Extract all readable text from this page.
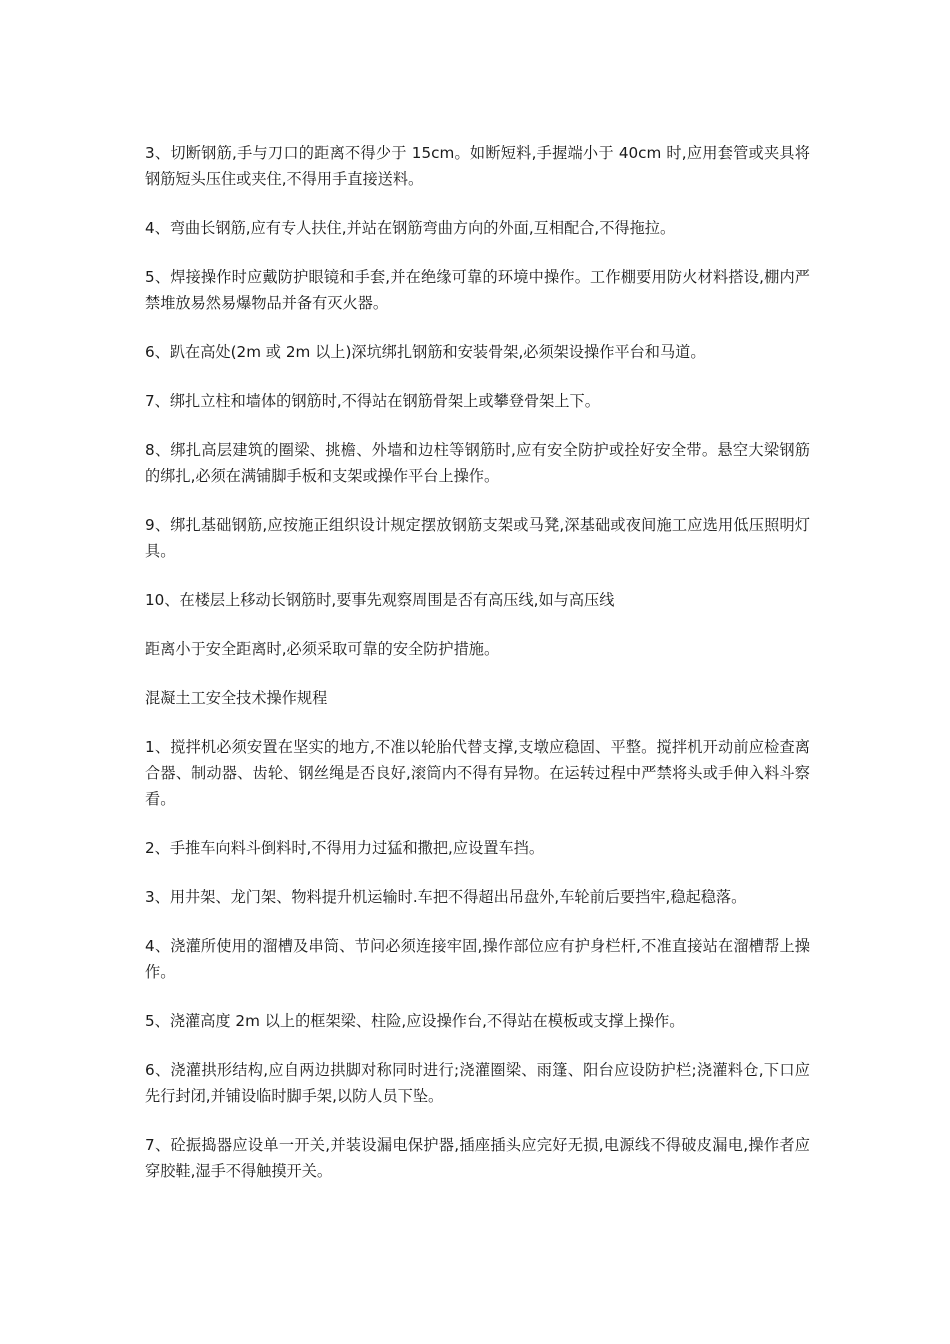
3、切断钢筋,手与刀口的距离不得少于 15cm。如断短料,手握端小于 40cm 时,应用套管或夹具将钢筋短头压住或夹住,不得用手直接送料。

4、弯曲长钢筋,应有专人扶住,并站在钢筋弯曲方向的外面,互相配合,不得拖拉。

5、焊接操作时应戴防护眼镜和手套,并在绝缘可靠的环境中操作。工作棚要用防火材料搭设,棚内严禁堆放易然易爆物品并备有灭火器。

6、趴在高处(2m 或 2m 以上)深坑绑扎钢筋和安装骨架,必须架设操作平台和马道。

7、绑扎立柱和墙体的钢筋时,不得站在钢筋骨架上或攀登骨架上下。

8、绑扎高层建筑的圈梁、挑檐、外墙和边柱等钢筋时,应有安全防护或拴好安全带。悬空大梁钢筋的绑扎,必须在满铺脚手板和支架或操作平台上操作。

9、绑扎基础钢筋,应按施正组织设计规定摆放钢筋支架或马凳,深基础或夜间施工应选用低压照明灯具。

10、在楼层上移动长钢筋时,要事先观察周围是否有高压线,如与高压线

距离小于安全距离时,必须采取可靠的安全防护措施。

混凝土工安全技术操作规程

1、搅拌机必须安置在坚实的地方,不准以轮胎代替支撑,支墩应稳固、平整。搅拌机开动前应检查离合器、制动器、齿轮、钢丝绳是否良好,滚筒内不得有异物。在运转过程中严禁将头或手伸入料斗察看。

2、手推车向料斗倒料时,不得用力过猛和撒把,应设置车挡。

3、用井架、龙门架、物料提升机运输时.车把不得超出吊盘外,车轮前后要挡牢,稳起稳落。

4、浇灌所使用的溜槽及串筒、节问必须连接牢固,操作部位应有护身栏杆,不准直接站在溜槽帮上操作。

5、浇灌高度 2m 以上的框架梁、柱险,应设操作台,不得站在模板或支撑上操作。

6、浇灌拱形结构,应自两边拱脚对称同时进行;浇灌圈梁、雨篷、阳台应设防护栏;浇灌料仓,下口应先行封闭,并铺设临时脚手架,以防人员下坠。

7、砼振捣器应设单一开关,并装设漏电保护器,插座插头应完好无损,电源线不得破皮漏电,操作者应穿胶鞋,湿手不得触摸开关。
